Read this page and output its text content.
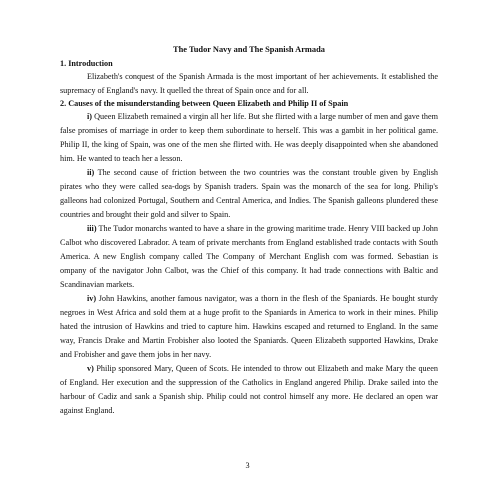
The Tudor Navy and The Spanish Armada
1. Introduction

Elizabeth's conquest of the Spanish Armada is the most important of her achievements. It established the supremacy of England's navy. It quelled the threat of Spain once and for all.

2. Causes of the misunderstanding between Queen Elizabeth and Philip II of Spain

i) Queen Elizabeth remained a virgin all her life. But she flirted with a large number of men and gave them false promises of marriage in order to keep them subordinate to herself. This was a gambit in her political game. Philip II, the king of Spain, was one of the men she flirted with. He was deeply disappointed when she abandoned him. He wanted to teach her a lesson.

ii) The second cause of friction between the two countries was the constant trouble given by English pirates who they were called sea-dogs by Spanish traders. Spain was the monarch of the sea for long. Philip's galleons had colonized Portugal, Southern and Central America, and Indies. The Spanish galleons plundered these countries and brought their gold and silver to Spain.

iii) The Tudor monarchs wanted to have a share in the growing maritime trade. Henry VIII backed up John Calbot who discovered Labrador. A team of private merchants from England established trade contacts with South America. A new English company called The Company of Merchant English com was formed. Sebastian is ompany of the navigator John Calbot, was the Chief of this company. It had trade connections with Baltic and Scandinavian markets.

iv) John Hawkins, another famous navigator, was a thorn in the flesh of the Spaniards. He bought sturdy negroes in West Africa and sold them at a huge profit to the Spaniards in America to work in their mines. Philip hated the intrusion of Hawkins and tried to capture him. Hawkins escaped and returned to England. In the same way, Francis Drake and Martin Frobisher also looted the Spaniards. Queen Elizabeth supported Hawkins, Drake and Frobisher and gave them jobs in her navy.

v) Philip sponsored Mary, Queen of Scots. He intended to throw out Elizabeth and make Mary the queen of England. Her execution and the suppression of the Catholics in England angered Philip. Drake sailed into the harbour of Cadiz and sank a Spanish ship. Philip could not control himself any more. He declared an open war against England.

3
